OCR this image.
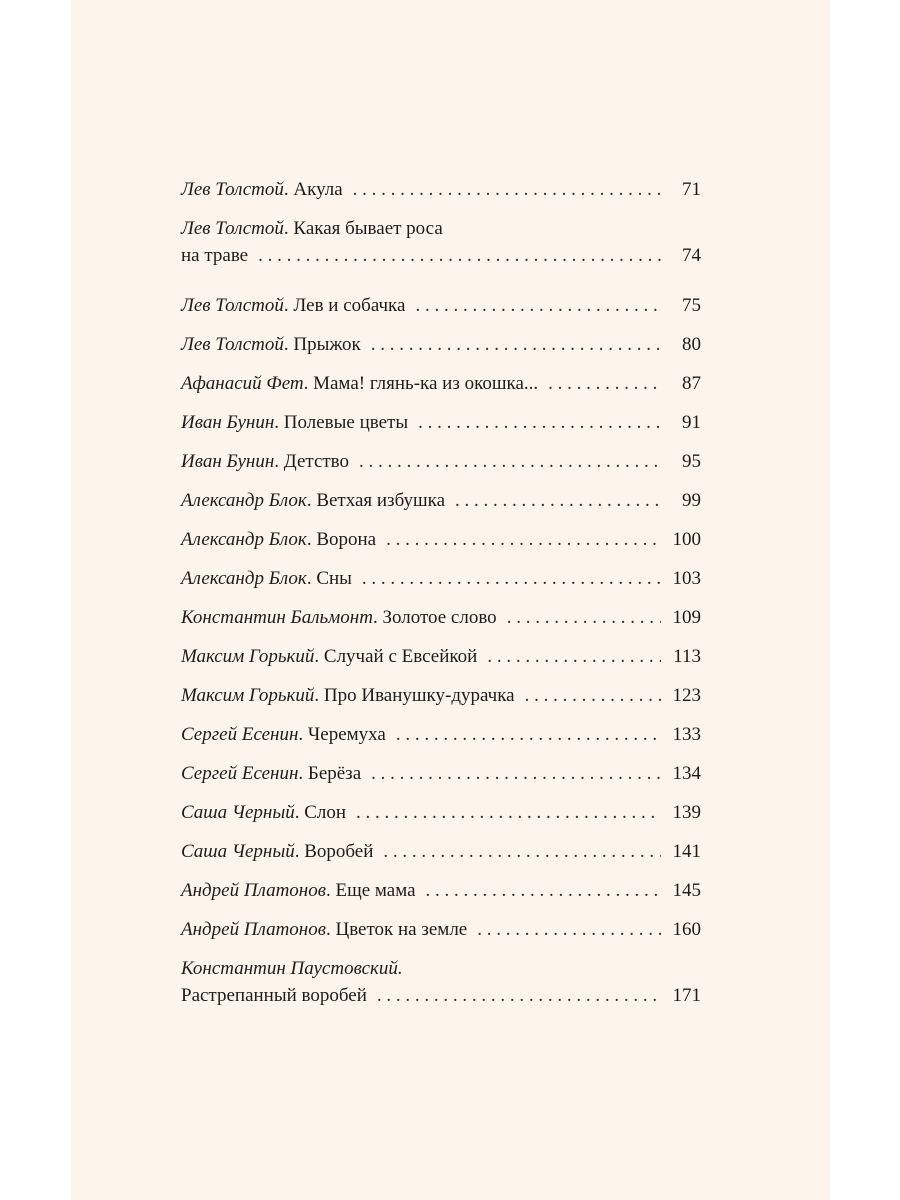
Лев Толстой . Акула . . .	71
Лев Толстой. Какая бывает роса
на траве . . .	74
Лев Толстой . Лев и собачка . . .	75
Лев Толстой . Прыжок . . .	80
Афанасий Фет . Мама! глянь-ка из окошка... . . .	87
Иван Бунин . Полевые цветы . . .	91
Иван Бунин . Детство . . .	95
Александр Блок . Ветхая избушка . . .	99
Александр Блок . Ворона . . .	100
Александр Блок . Сны . . .	103
Константин Бальмонт . Золотое слово . . .	109
Максим Горький . Случай с Евсейкой . . .	113
Максим Горький . Про Иванушку-дурачка . . .	123
Сергей Есенин . Черемуха . . .	133
Сергей Есенин . Берёза . . .	134
Саша Черный . Слон . . .	139
Саша Черный . Воробей . . .	141
Андрей Платонов . Еще мама . . .	145
Андрей Платонов . Цветок на земле . . .	160
Константин Паустовский.
Растрепанный воробей . . .	171
